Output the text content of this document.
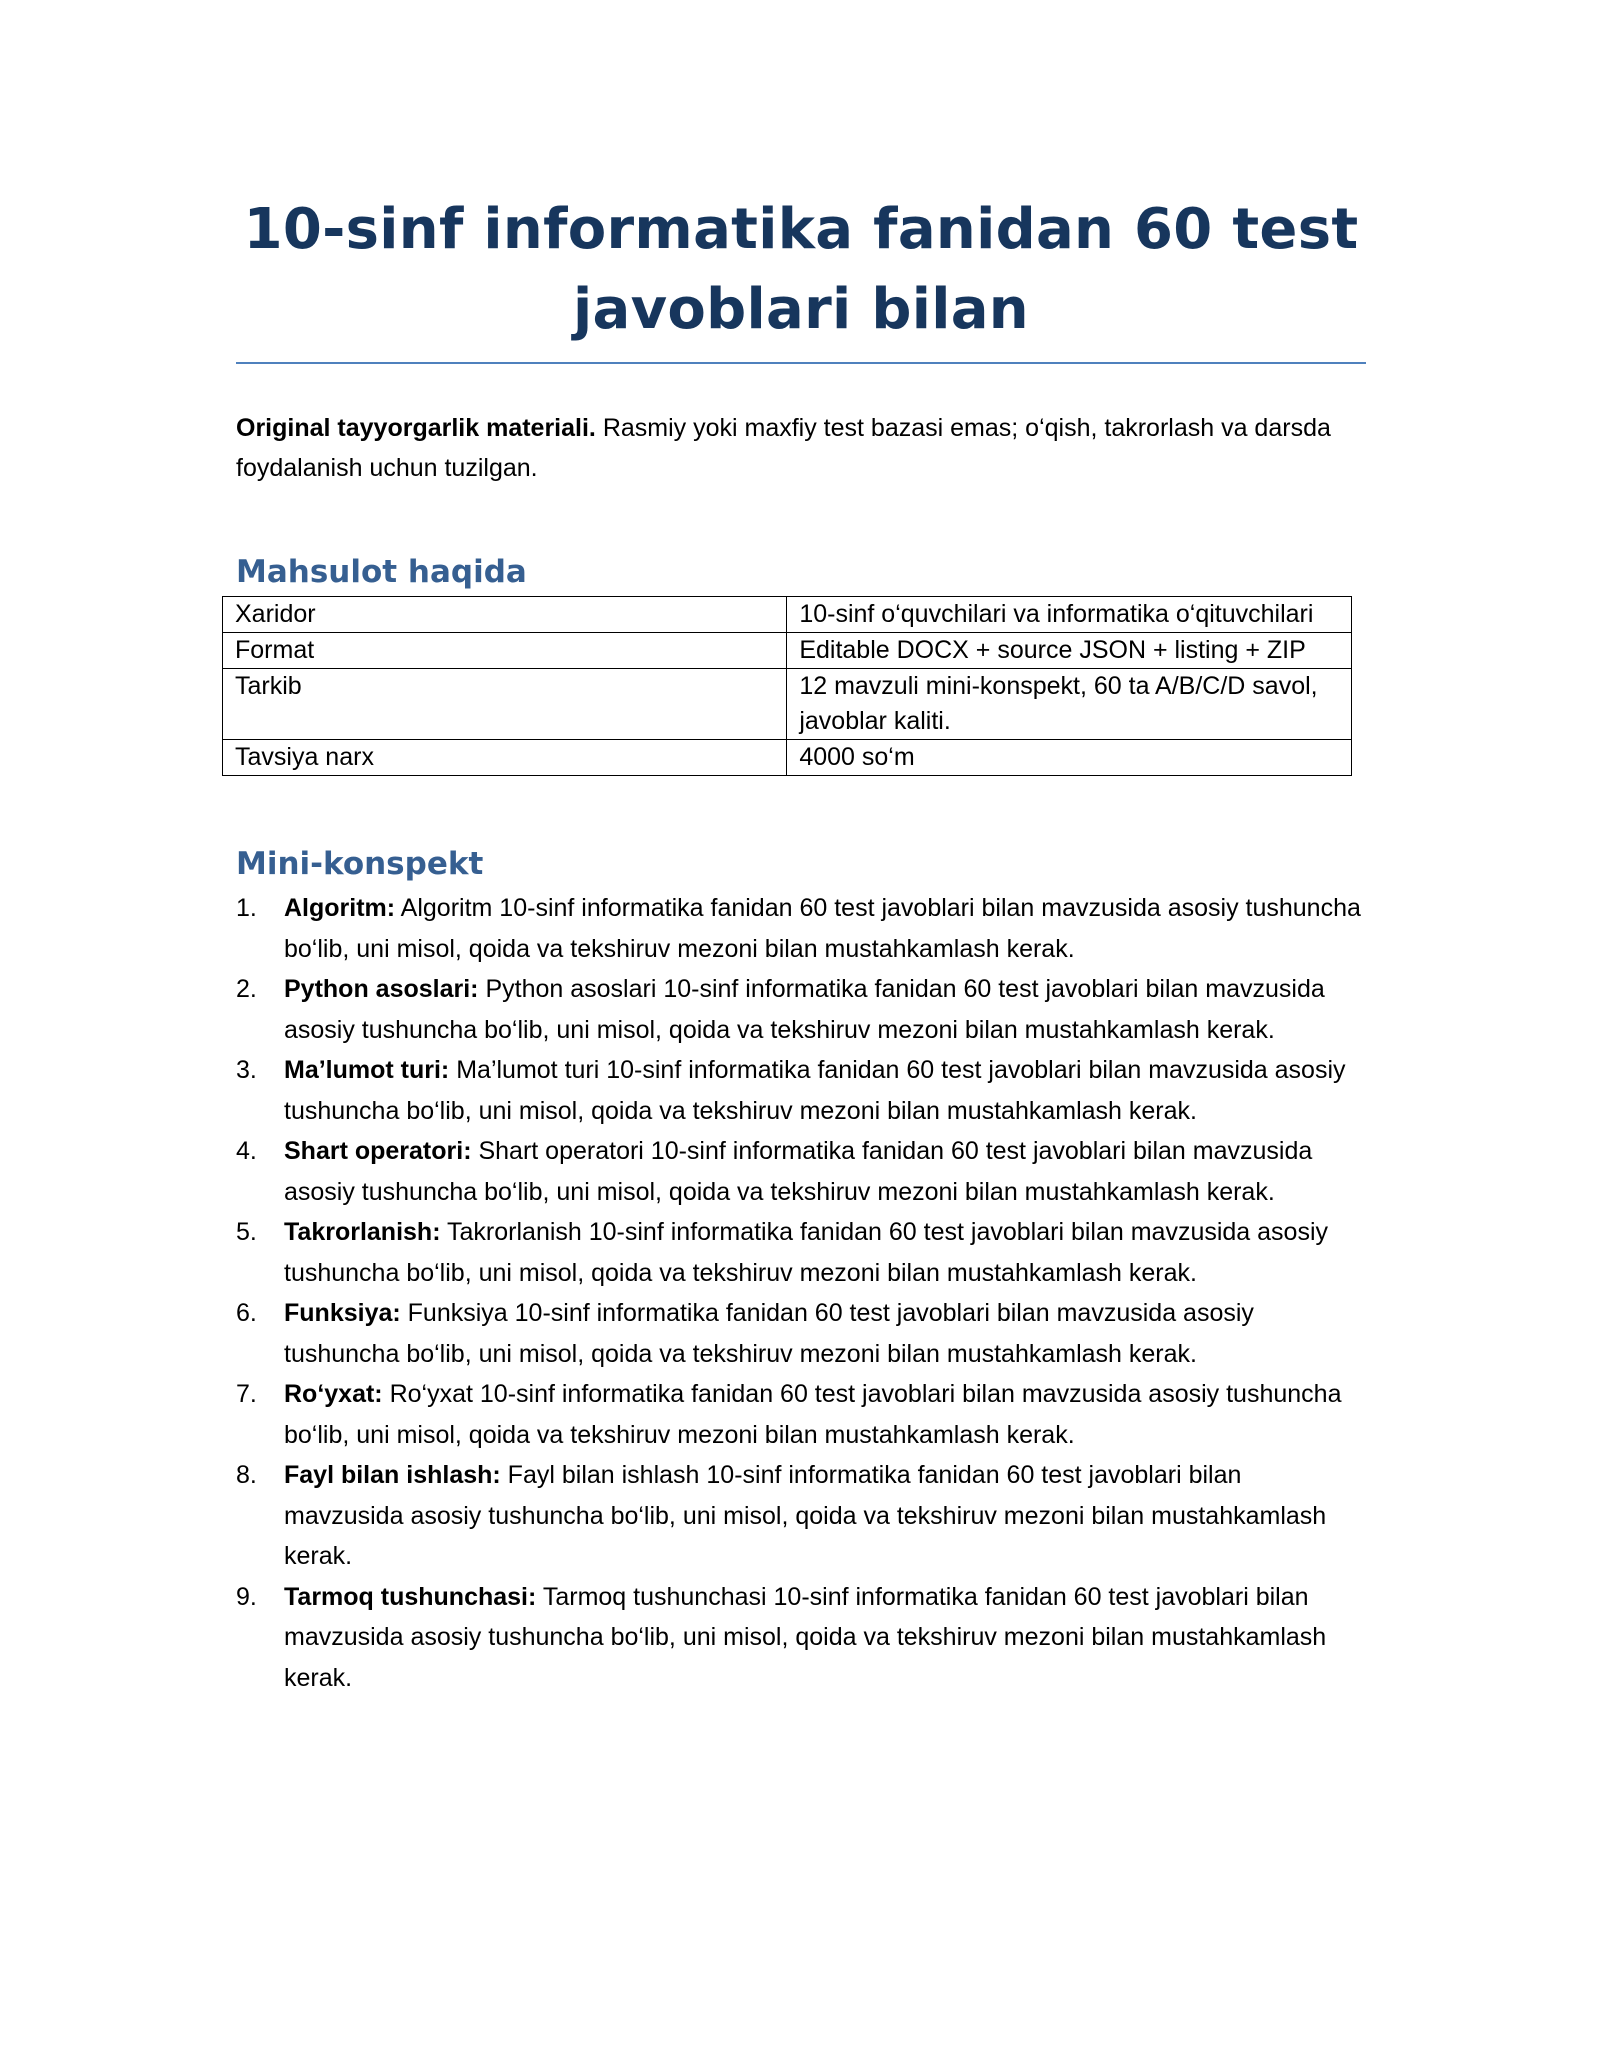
10-sinf informatika fanidan 60 test javoblari bilan

Original tayyorgarlik materiali. Rasmiy yoki maxfiy test bazasi emas; o‘qish, takrorlash va darsda foydalanish uchun tuzilgan.

Mahsulot haqida
Xaridor	10-sinf o‘quvchilari va informatika o‘qituvchilari
Format	Editable DOCX + source JSON + listing + ZIP
Tarkib	12 mavzuli mini-konspekt, 60 ta A/B/C/D savol, javoblar kaliti.
Tavsiya narx	4000 so‘m
Mini-konspekt
1. Algoritm: Algoritm 10-sinf informatika fanidan 60 test javoblari bilan mavzusida asosiy tushuncha bo‘lib, uni misol, qoida va tekshiruv mezoni bilan mustahkamlash kerak.
2. Python asoslari: Python asoslari 10-sinf informatika fanidan 60 test javoblari bilan mavzusida asosiy tushuncha bo‘lib, uni misol, qoida va tekshiruv mezoni bilan mustahkamlash kerak.
3. Ma’lumot turi: Ma’lumot turi 10-sinf informatika fanidan 60 test javoblari bilan mavzusida asosiy tushuncha bo‘lib, uni misol, qoida va tekshiruv mezoni bilan mustahkamlash kerak.
4. Shart operatori: Shart operatori 10-sinf informatika fanidan 60 test javoblari bilan mavzusida asosiy tushuncha bo‘lib, uni misol, qoida va tekshiruv mezoni bilan mustahkamlash kerak.
5. Takrorlanish: Takrorlanish 10-sinf informatika fanidan 60 test javoblari bilan mavzusida asosiy tushuncha bo‘lib, uni misol, qoida va tekshiruv mezoni bilan mustahkamlash kerak.
6. Funksiya: Funksiya 10-sinf informatika fanidan 60 test javoblari bilan mavzusida asosiy tushuncha bo‘lib, uni misol, qoida va tekshiruv mezoni bilan mustahkamlash kerak.
7. Ro‘yxat: Ro‘yxat 10-sinf informatika fanidan 60 test javoblari bilan mavzusida asosiy tushuncha bo‘lib, uni misol, qoida va tekshiruv mezoni bilan mustahkamlash kerak.
8. Fayl bilan ishlash: Fayl bilan ishlash 10-sinf informatika fanidan 60 test javoblari bilan mavzusida asosiy tushuncha bo‘lib, uni misol, qoida va tekshiruv mezoni bilan mustahkamlash kerak.
9. Tarmoq tushunchasi: Tarmoq tushunchasi 10-sinf informatika fanidan 60 test javoblari bilan mavzusida asosiy tushuncha bo‘lib, uni misol, qoida va tekshiruv mezoni bilan mustahkamlash kerak.
